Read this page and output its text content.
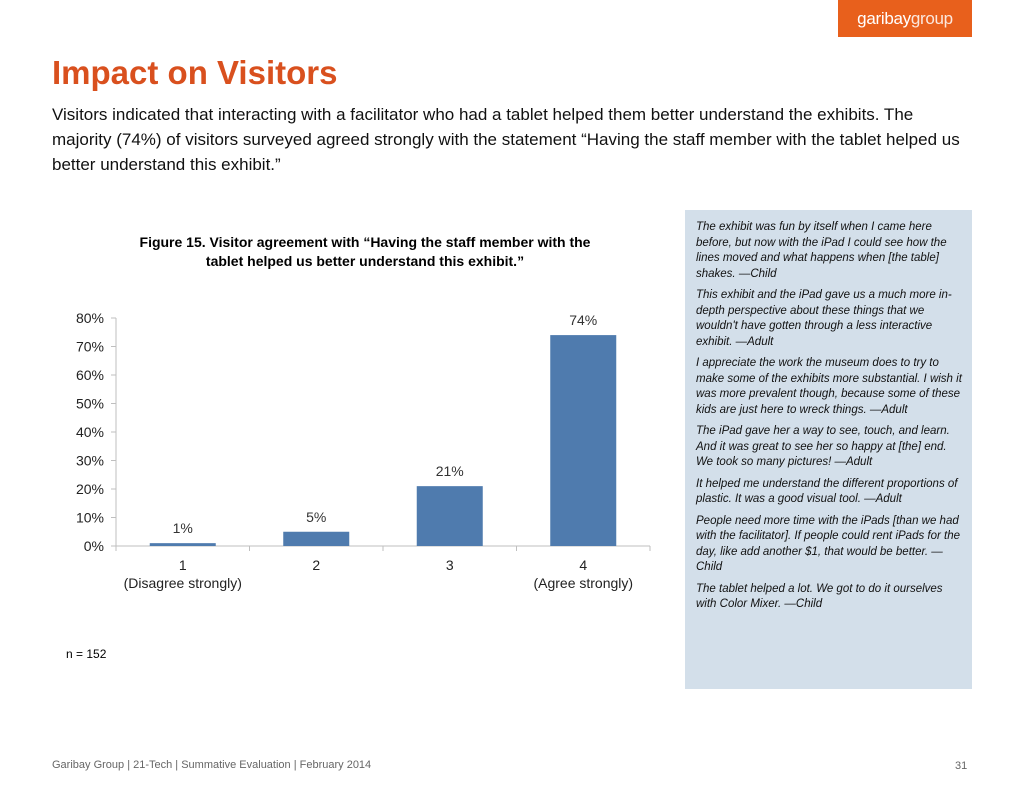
garibaygroup
Impact on Visitors

Visitors indicated that interacting with a facilitator who had a tablet helped them better understand the exhibits. The majority (74%) of visitors surveyed agreed strongly with the statement “Having the staff member with the tablet helped us better understand this exhibit.”

Figure 15. Visitor agreement with “Having the staff member with the tablet helped us better understand this exhibit.”
0%
10%
20%
30%
40%
50%
60%
70%
80%
1%
1
(Disagree strongly)
5%
2
21%
3
74%
4
(Agree strongly)
n = 152

The exhibit was fun by itself when I came here before, but now with the iPad I could see how the lines moved and what happens when [the table] shakes. —Child

This exhibit and the iPad gave us a much more in-depth perspective about these things that we wouldn't have gotten through a less interactive exhibit. —Adult

I appreciate the work the museum does to try to make some of the exhibits more substantial. I wish it was more prevalent though, because some of these kids are just here to wreck things. —Adult

The iPad gave her a way to see, touch, and learn. And it was great to see her so happy at [the] end. We took so many pictures! —Adult

It helped me understand the different proportions of plastic. It was a good visual tool. —Adult

People need more time with the iPads [than we had with the facilitator]. If people could rent iPads for the day, like add another $1, that would be better. —Child

The tablet helped a lot. We got to do it ourselves with Color Mixer. —Child

Garibay Group | 21-Tech | Summative Evaluation | February 2014	31
